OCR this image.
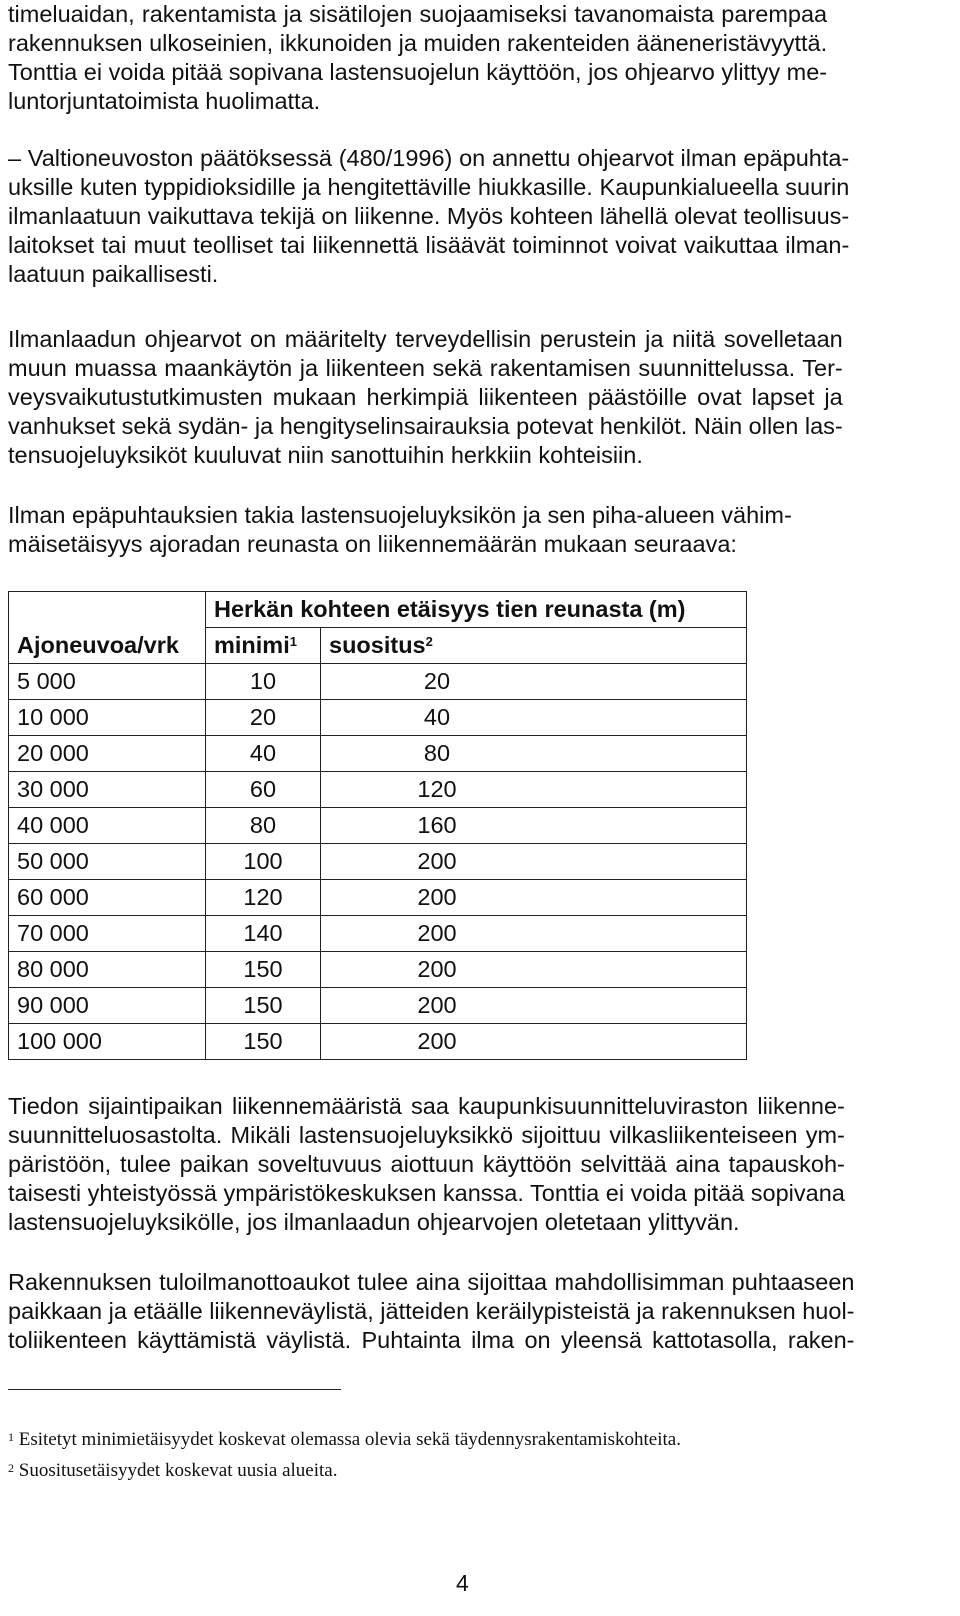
timeluaidan, rakentamista ja sisätilojen suojaamiseksi tavanomaista parempaa
rakennuksen ulkoseinien, ikkunoiden ja muiden rakenteiden ääneneristävyyttä.
Tonttia ei voida pitää sopivana lastensuojelun käyttöön, jos ohjearvo ylittyy me-
luntorjuntatoimista huolimatta.

– Valtioneuvoston päätöksessä (480/1996) on annettu ohjearvot ilman epäpuhta-
uksille kuten typpidioksidille ja hengitettäville hiukkasille. Kaupunkialueella suurin
ilmanlaatuun vaikuttava tekijä on liikenne. Myös kohteen lähellä olevat teollisuus-
laitokset tai muut teolliset tai liikennettä lisäävät toiminnot voivat vaikuttaa ilman-
laatuun paikallisesti.

Ilmanlaadun ohjearvot on määritelty terveydellisin perustein ja niitä sovelletaan
muun muassa maankäytön ja liikenteen sekä rakentamisen suunnittelussa. Ter-
veysvaikutustutkimusten mukaan herkimpiä liikenteen päästöille ovat lapset ja
vanhukset sekä sydän- ja hengityselinsairauksia potevat henkilöt. Näin ollen las-
tensuojeluyksiköt kuuluvat niin sanottuihin herkkiin kohteisiin.

Ilman epäpuhtauksien takia lastensuojeluyksikön ja sen piha-alueen vähim-
mäisetäisyys ajoradan reunasta on liikennemäärän mukaan seuraava:

	Herkän kohteen etäisyys tien reunasta (m)	
Ajoneuvoa/vrk	minimi$^1$	suositus$^2$
5 000	10	20
10 000	20	40
20 000	40	80
30 000	60	120
40 000	80	160
50 000	100	200
60 000	120	200
70 000	140	200
80 000	150	200
90 000	150	200
100 000	150	200

Tiedon sijaintipaikan liikennemääristä saa kaupunkisuunnitteluviraston liikenne-
suunnitteluosastolta. Mikäli lastensuojeluyksikkö sijoittuu vilkasliikenteiseen ym-
päristöön, tulee paikan soveltuvuus aiottuun käyttöön selvittää aina tapauskoh-
taisesti yhteistyössä ympäristökeskuksen kanssa. Tonttia ei voida pitää sopivana
lastensuojeluyksikölle, jos ilmanlaadun ohjearvojen oletetaan ylittyvän.

Rakennuksen tuloilmanottoaukot tulee aina sijoittaa mahdollisimman puhtaaseen
paikkaan ja etäälle liikenneväylistä, jätteiden keräilypisteistä ja rakennuksen huol-
toliikenteen käyttämistä väylistä. Puhtainta ilma on yleensä kattotasolla, raken-

$^1$ Esitetyt minimietäisyydet koskevat olemassa olevia sekä täydennysrakentamiskohteita.
$^2$ Suositusetäisyydet koskevat uusia alueita.
4
